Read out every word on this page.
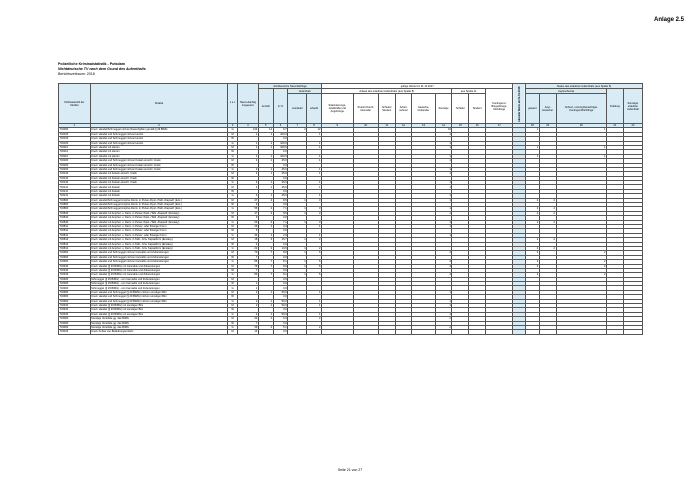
Anlage 2.5
Polizeiliche Kriminalstatistik - Potsdam
Nichtdeutsche TV nach dem Grund des Aufenthalts
Berichtszeitraum: 2018
Schlüsselzahl der Straftat	Straftat	s e x	Tatver-dächtig insgesamt	nichtdeutsche Tatverdächtige				gültige Werte bis 31.12.2017									Aktuelle Werte ab 01.01.2018	Status des erlaubten Aufenthalts (aus Spalte 8)				
				Anzahl	in %	Aufenthalt		Anlass des erlaubten Aufenthalts (aus Spalte 8)						aus Spalte 11		Kontingent-/ Bürgerkriegs-flüchtlinge		Asylsuchende			Duldung	Sonstiger erlaubter Aufenthalt
						unerlaubt	erlaubt	Stationierungs-streitkräfte und Angehörige	Tourist/ Durch-reisender	Schüler/ Student	Arbeit-nehmer	Gewerbe-treibender	Sonstige	Schüler	Student			gesamt	Asyl-bewerber	Schutz- und Asylberechtigte, Kontingentflüchtlinge		

1	2	3	4	5	6	7	8	9	10	11	12	13	14	15	16	17		18	19	20	21	22
732000	Unerl. Handel/Schmuggel mit/von Rauschgiften gemäß § 29 BtMG	G	144	14	9,7	2	12						10					1		1		
732100	Unerl. Handel und Schmuggel mit/von Heroin	M	1	1	100,0		1						1									
732100	Unerl. Handel und Schmuggel mit/von Heroin	W			0,0																	
732100	Unerl. Handel und Schmuggel mit/von Heroin	G	1	1	100,0		1						1									
732110	Unerl. Handel mit Heroin	M	1	1	100,0		1						1					1		1		
732110	Unerl. Handel mit Heroin	W			0,0																	
732110	Unerl. Handel mit Heroin	G	1	1	100,0		1						1					1		1		
732200	Unerl. Handel und Schmuggel mit/von Kokain einschl. Crack	M	4	1	25,0		1						1									
732200	Unerl. Handel und Schmuggel mit/von Kokain einschl. Crack	W			0,0																	
732200	Unerl. Handel und Schmuggel mit/von Kokain einschl. Crack	G	4	1	25,0		1						1									
732210	Unerl. Handel mit Kokain einschl. Crack	M	4	1	25,0		1						1									
732210	Unerl. Handel mit Kokain einschl. Crack	W			0,0																	
732210	Unerl. Handel mit Kokain einschl. Crack	G	4	1	25,0		1						1									
732211	Unerl. Handel mit Kokain	M	4	1	25,0		1						1									
732211	Unerl. Handel mit Kokain	W			0,0																	
732211	Unerl. Handel mit Kokain	G	4	1	25,0		1						1									
732800	Unerl. Handel/Schmuggel Amphet./Deriv. in Pulver-/Kpsl.-/Tabl.-/Kapself. (Ecs.)	M	47	4	8,5	1	3						1					2	2			
732800	Unerl. Handel/Schmuggel Amphet./Deriv. in Pulver-/Kpsl.-/Tabl.-/Kapself. (Ecs.)	W	9		0,0																	
732800	Unerl. Handel/Schmuggel Amphet./Deriv. in Pulver-/Kpsl.-/Tabl.-/Kapself. (Ecs.)	G	56	4	7,1	1	3						1					2	2			
732810	Unerl. Handel mit Amphet. u. Deriv. in Pulver-/Kpsl.-/Tabl.-/Kapself. (Ecstasy)	M	47	4	8,5	1	3						1					2	2			
732810	Unerl. Handel mit Amphet. u. Deriv. in Pulver-/Kpsl.-/Tabl.-/Kapself. (Ecstasy)	W	9		0,0																	
732810	Unerl. Handel mit Amphet. u. Deriv. in Pulver-/Kpsl.-/Tabl.-/Kapself. (Ecstasy)	G	56	4	7,1	1	3						1					2	2			
732811	Unerl. Handel mit Amphet. u. Deriv. in Pulver- oder flüssiger Form	M	29	1	3,4		1						1									
732811	Unerl. Handel mit Amphet. u. Deriv. in Pulver- oder flüssiger Form	W	5		0,0																	
732811	Unerl. Handel mit Amphet. u. Deriv. in Pulver- oder flüssiger Form	G	34	1	2,9		1						1									
732812	Unerl. Handel mit Amphet. u. Deriv. in Tabl.- bzw. Kapselform (Ecstasy)	M	18	3	16,7	1	2											2	2			
732812	Unerl. Handel mit Amphet. u. Deriv. in Tabl.- bzw. Kapselform (Ecstasy)	W	4		0,0																	
732812	Unerl. Handel mit Amphet. u. Deriv. in Tabl.- bzw. Kapselform (Ecstasy)	G	22	3	13,6	1	2											2	2			
732900	Unerl. Handel und Schmuggel mit/von Cannabis und Zubereitungen	M	79	7	8,9	1	6						4					2		2		
732900	Unerl. Handel und Schmuggel mit/von Cannabis und Zubereitungen	W	7		0,0																	
732900	Unerl. Handel und Schmuggel mit/von Cannabis und Zubereitungen	G	86	7	8,1	1	6						4					2		2		
732910	Unerl. Handel (§ 29 BtMG) mit Cannabis und Zubereitungen	M	79	7	8,9	1	6						4					2		2		
732910	Unerl. Handel (§ 29 BtMG) mit Cannabis und Zubereitungen	W	7		0,0																	
732910	Unerl. Handel (§ 29 BtMG) mit Cannabis und Zubereitungen	G	86	7	8,1	1	6						4					2		2		
732920	Schmuggel (§ 29 BtMG) - von Cannabis und Zubereitungen	M			0,0																	
732920	Schmuggel (§ 29 BtMG) - von Cannabis und Zubereitungen	W	1		0,0																	
732920	Schmuggel (§ 29 BtMG) - von Cannabis und Zubereitungen	G	1		0,0																	
732900	Unerl. Handel und Schmuggel (§ 29 BtMG) mit/von sonstigen Btm	M	2	1	50,0		1						1									
732900	Unerl. Handel und Schmuggel (§ 29 BtMG) mit/von sonstigen Btm	W			0,0																	
732900	Unerl. Handel und Schmuggel (§ 29 BtMG) mit/von sonstigen Btm	G	2	1	50,0		1						1									
732910	Unerl. Handel (§ 29 BtMG) mit sonstigen Btm	M	2	1	50,0		1						1									
732910	Unerl. Handel (§ 29 BtMG) mit sonstigen Btm	W			0,0																	
732910	Unerl. Handel (§ 29 BtMG) mit sonstigen Btm	G	2	1	50,0		1						1									
734000	Sonstige Verstöße gg. das BtMG	M	32	2	6,3		2						2									
734000	Sonstige Verstöße gg. das BtMG	W	7		0,0																	
734000	Sonstige Verstöße gg. das BtMG	G	39	2	5,1		2						2									
734100	Unerl. Anbau von Betäubungsmitteln	M	14		0,0																	
Seite 21 von 27
